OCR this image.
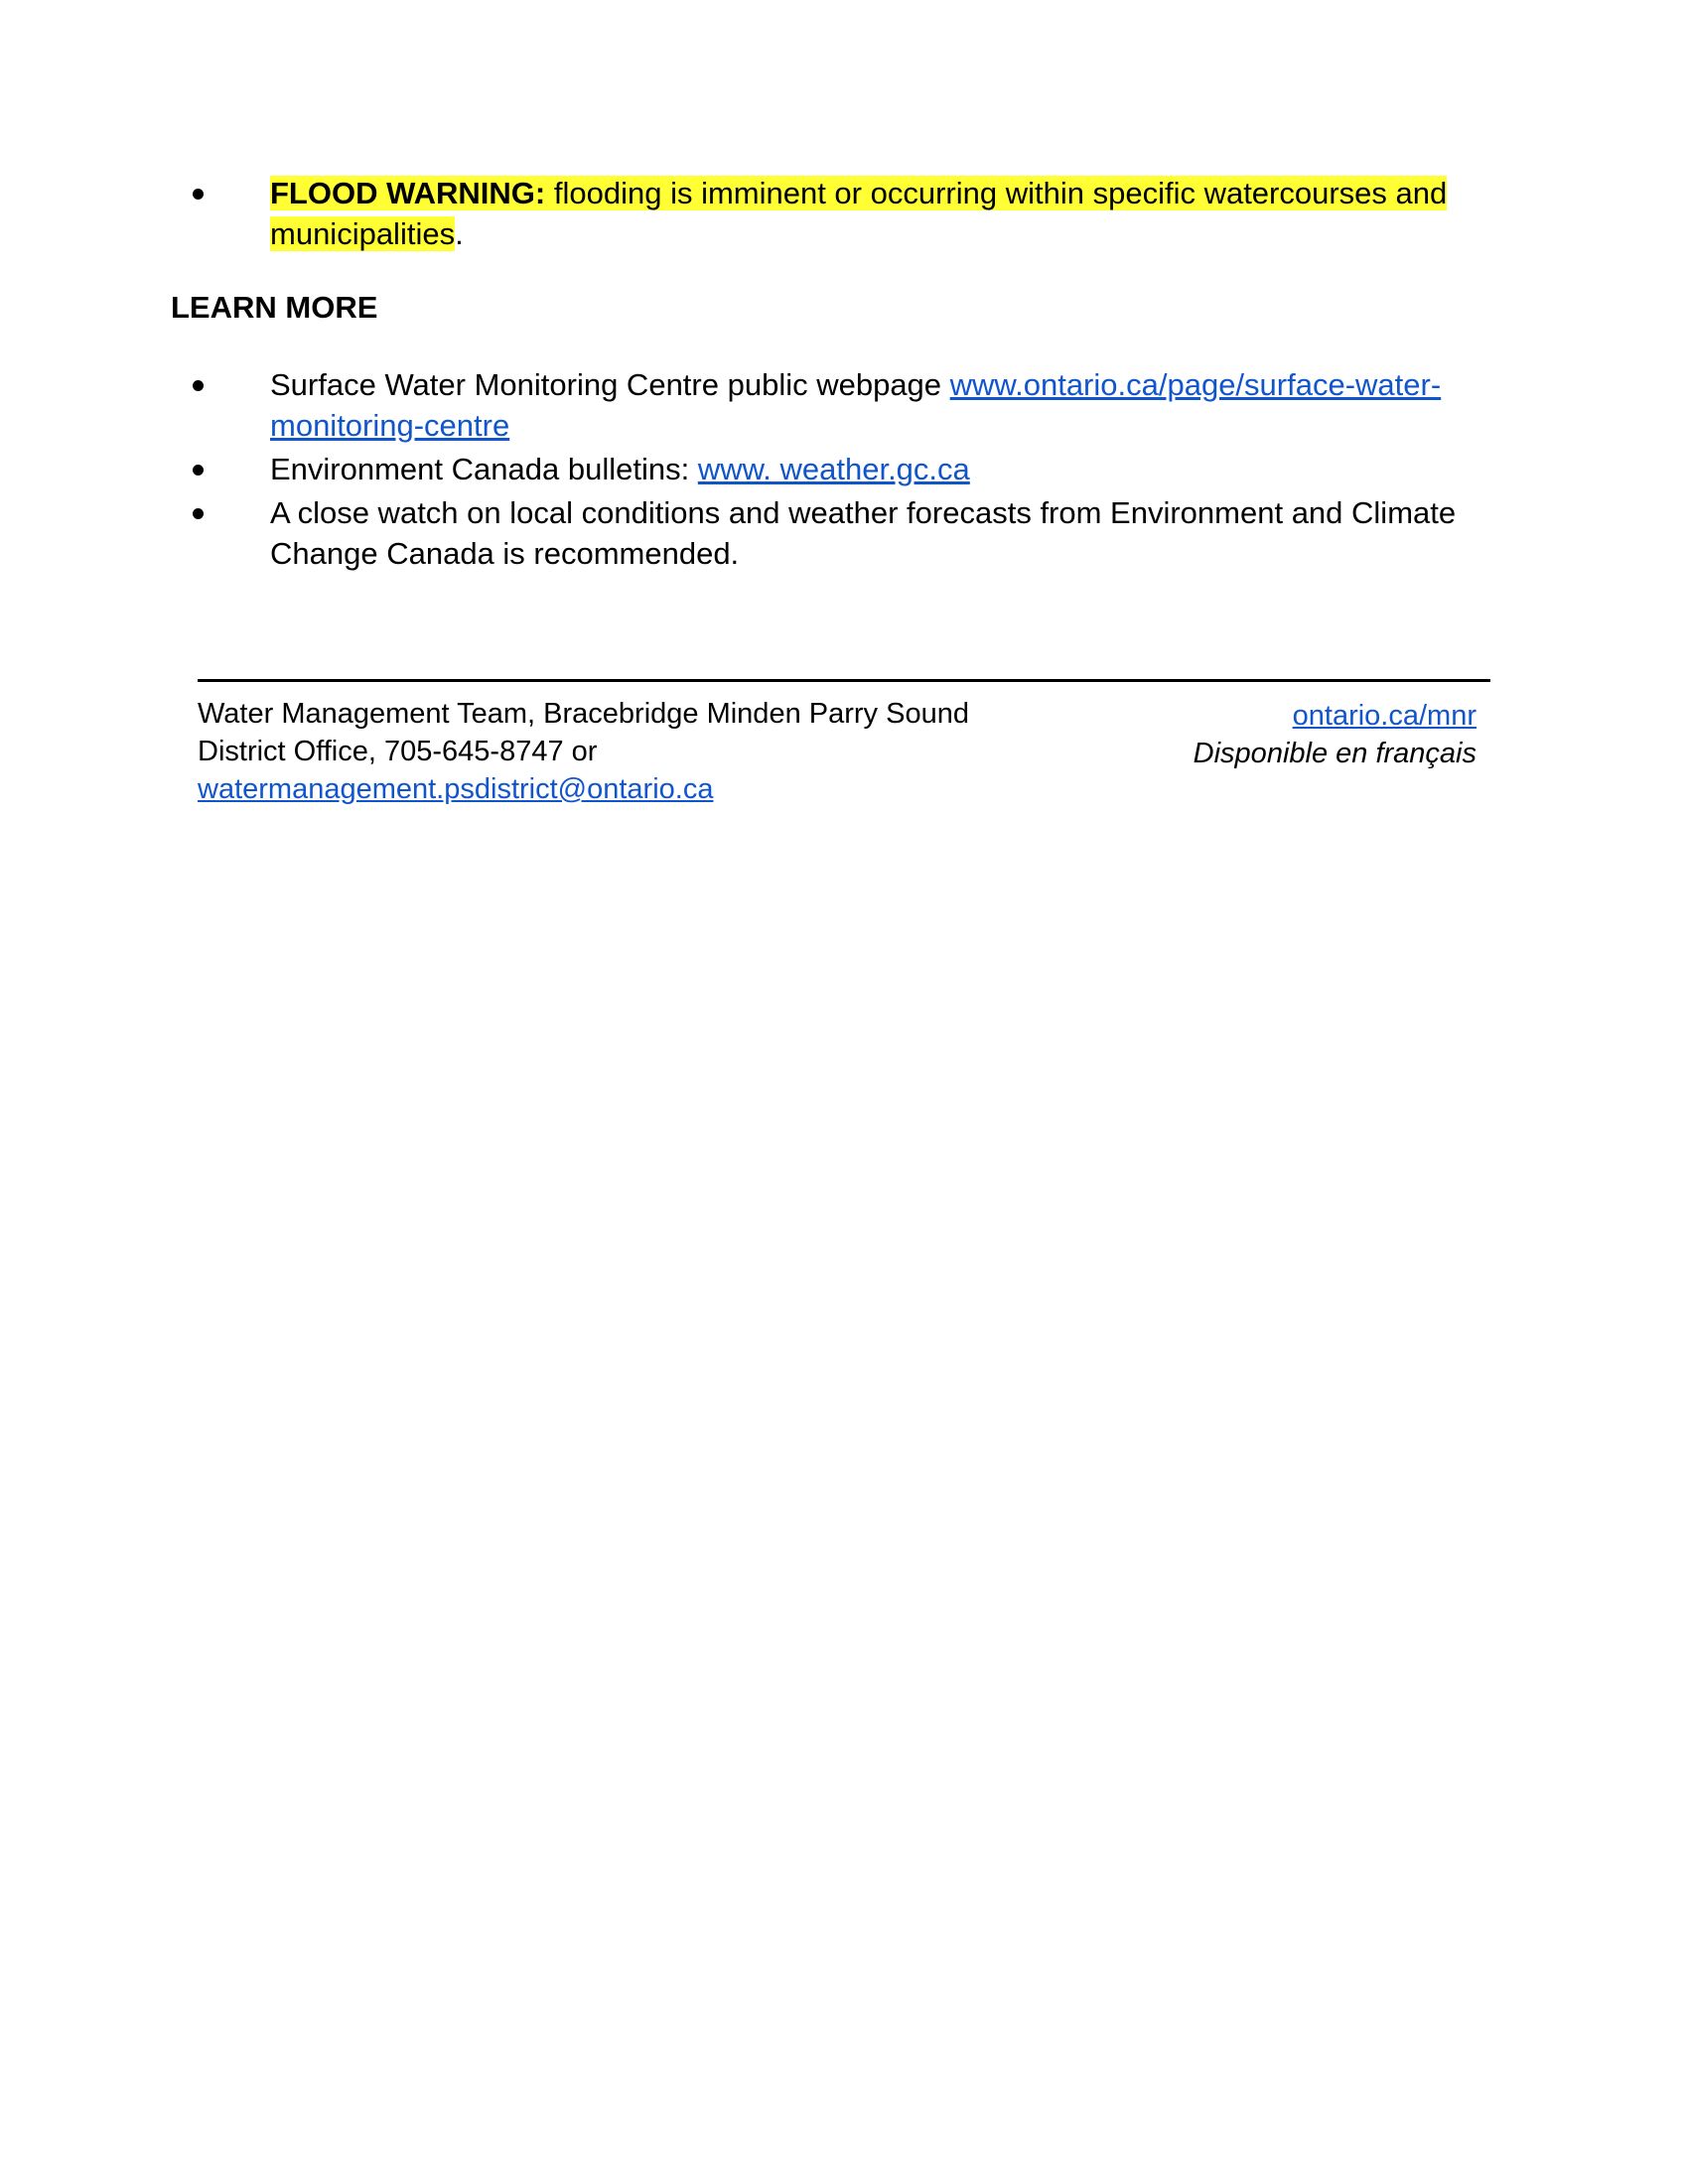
FLOOD WARNING: flooding is imminent or occurring within specific watercourses and municipalities.
LEARN MORE
Surface Water Monitoring Centre public webpage www.ontario.ca/page/surface-water-monitoring-centre
Environment Canada bulletins: www. weather.gc.ca
A close watch on local conditions and weather forecasts from Environment and Climate Change Canada is recommended.
Water Management Team, Bracebridge Minden Parry Sound
District Office, 705-645-8747 or
watermanagement.psdistrict@ontario.ca
ontario.ca/mnr
Disponible en français
